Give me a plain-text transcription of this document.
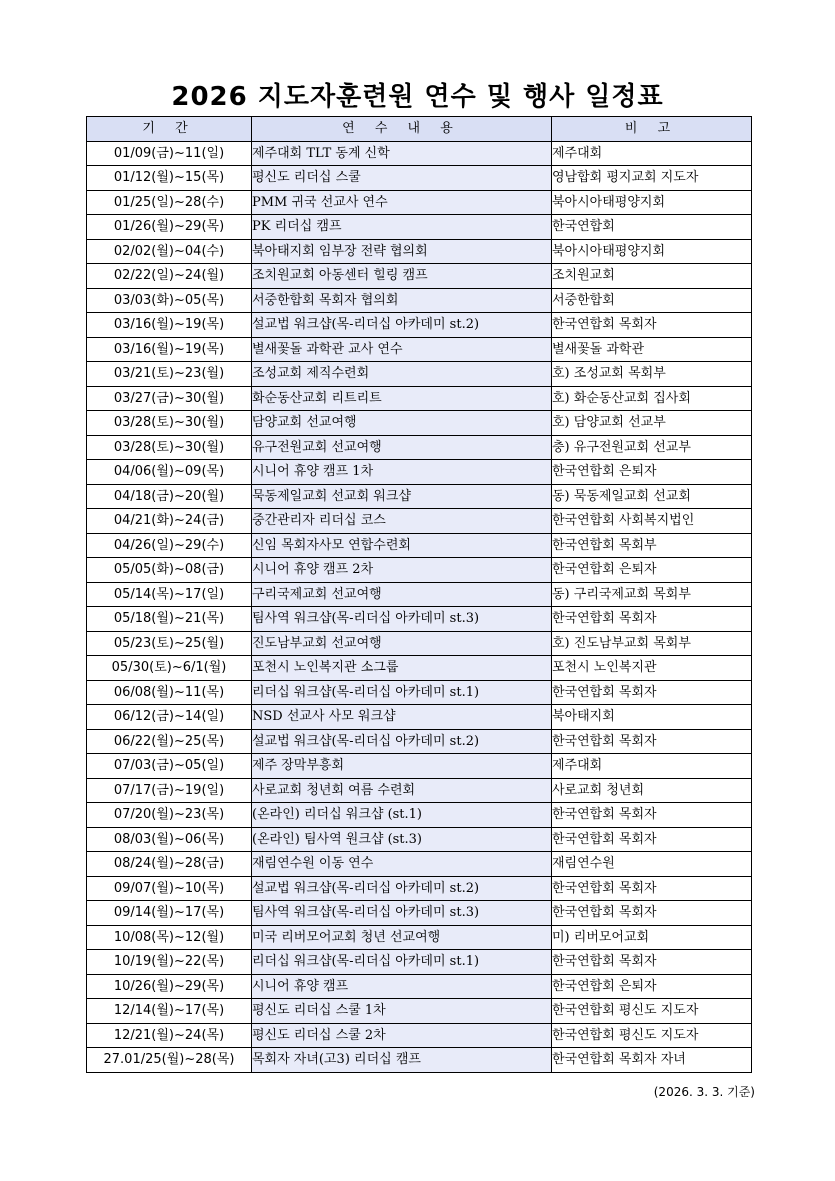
2026 지도자훈련원 연수 및 행사 일정표
기 간	연 수 내 용	비 고
01/09(금)~11(일)	제주대회 TLT 동계 신학	제주대회
01/12(월)~15(목)	평신도 리더십 스쿨	영남합회 평지교회 지도자
01/25(일)~28(수)	PMM 귀국 선교사 연수	북아시아태평양지회
01/26(월)~29(목)	PK 리더십 캠프	한국연합회
02/02(월)~04(수)	북아태지회 임부장 전략 협의회	북아시아태평양지회
02/22(일)~24(월)	조치원교회 아동센터 힐링 캠프	조치원교회
03/03(화)~05(목)	서중한합회 목회자 협의회	서중한합회
03/16(월)~19(목)	설교법 워크샵(목-리더십 아카데미 st.2)	한국연합회 목회자
03/16(월)~19(목)	별새꽃돌 과학관 교사 연수	별새꽃돌 과학관
03/21(토)~23(월)	조성교회 제직수련회	호) 조성교회 목회부
03/27(금)~30(월)	화순동산교회 리트리트	호) 화순동산교회 집사회
03/28(토)~30(월)	담양교회 선교여행	호) 담양교회 선교부
03/28(토)~30(월)	유구전원교회 선교여행	충) 유구전원교회 선교부
04/06(월)~09(목)	시니어 휴양 캠프 1차	한국연합회 은퇴자
04/18(금)~20(월)	묵동제일교회 선교회 워크샵	동) 묵동제일교회 선교회
04/21(화)~24(금)	중간관리자 리더십 코스	한국연합회 사회복지법인
04/26(일)~29(수)	신임 목회자사모 연합수련회	한국연합회 목회부
05/05(화)~08(금)	시니어 휴양 캠프 2차	한국연합회 은퇴자
05/14(목)~17(일)	구리국제교회 선교여행	동) 구리국제교회 목회부
05/18(월)~21(목)	팀사역 워크샵(목-리더십 아카데미 st.3)	한국연합회 목회자
05/23(토)~25(월)	진도남부교회 선교여행	호) 진도남부교회 목회부
05/30(토)~6/1(월)	포천시 노인복지관 소그룹	포천시 노인복지관
06/08(월)~11(목)	리더십 워크샵(목-리더십 아카데미 st.1)	한국연합회 목회자
06/12(금)~14(일)	NSD 선교사 사모 워크샵	북아태지회
06/22(월)~25(목)	설교법 워크샵(목-리더십 아카데미 st.2)	한국연합회 목회자
07/03(금)~05(일)	제주 장막부흥회	제주대회
07/17(금)~19(일)	사로교회 청년회 여름 수련회	사로교회 청년회
07/20(월)~23(목)	(온라인) 리더십 워크샵 (st.1)	한국연합회 목회자
08/03(월)~06(목)	(온라인) 팀사역 원크샵 (st.3)	한국연합회 목회자
08/24(월)~28(금)	재림연수원 이동 연수	재림연수원
09/07(월)~10(목)	설교법 워크샵(목-리더십 아카데미 st.2)	한국연합회 목회자
09/14(월)~17(목)	팀사역 워크샵(목-리더십 아카데미 st.3)	한국연합회 목회자
10/08(목)~12(월)	미국 리버모어교회 청년 선교여행	미) 리버모어교회
10/19(월)~22(목)	리더십 워크샵(목-리더십 아카데미 st.1)	한국연합회 목회자
10/26(월)~29(목)	시니어 휴양 캠프	한국연합회 은퇴자
12/14(월)~17(목)	평신도 리더십 스쿨 1차	한국연합회 평신도 지도자
12/21(월)~24(목)	평신도 리더십 스쿨 2차	한국연합회 평신도 지도자
27.01/25(월)~28(목)	목회자 자녀(고3) 리더십 캠프	한국연합회 목회자 자녀
(2026. 3. 3. 기준)
